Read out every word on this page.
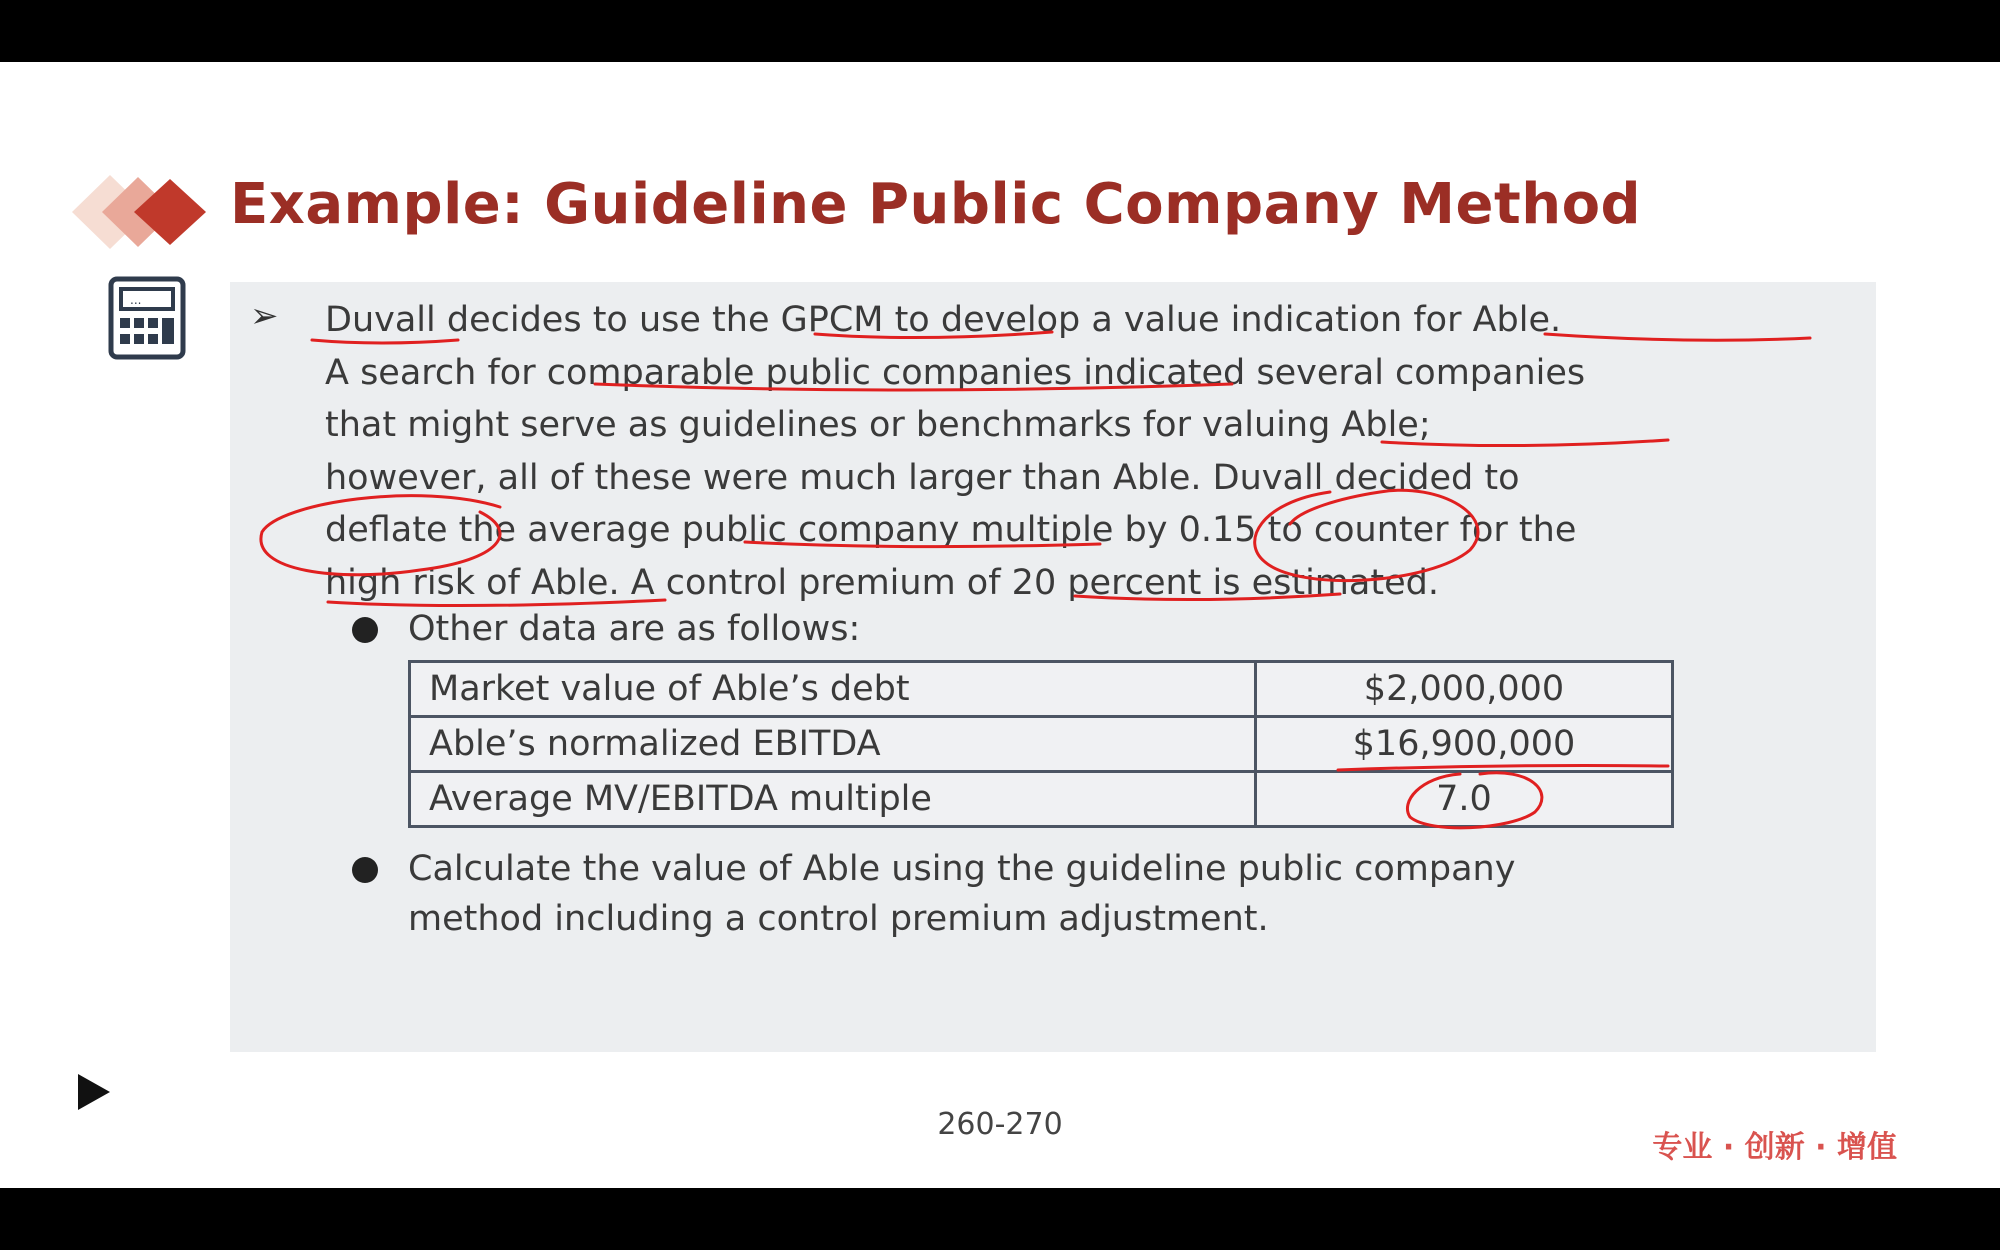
Example: Guideline Public Company Method
...	➢ Duvall decides to use the GPCM to develop a value indication for Able.
A search for comparable public companies indicated several companies
that might serve as guidelines or benchmarks for valuing Able;
however, all of these were much larger than Able. Duvall decided to
deflate the average public company multiple by 0.15 to counter for the
high risk of Able. A control premium of 20 percent is estimated.
Other data are as follows:
Market value of Able’s debt	$2,000,000
Able’s normalized EBITDA	$16,900,000
Average MV/EBITDA multiple	7.0
Calculate the value of Able using the guideline public company
method including a control premium adjustment.
260-270
专业 · 创新 · 增值
